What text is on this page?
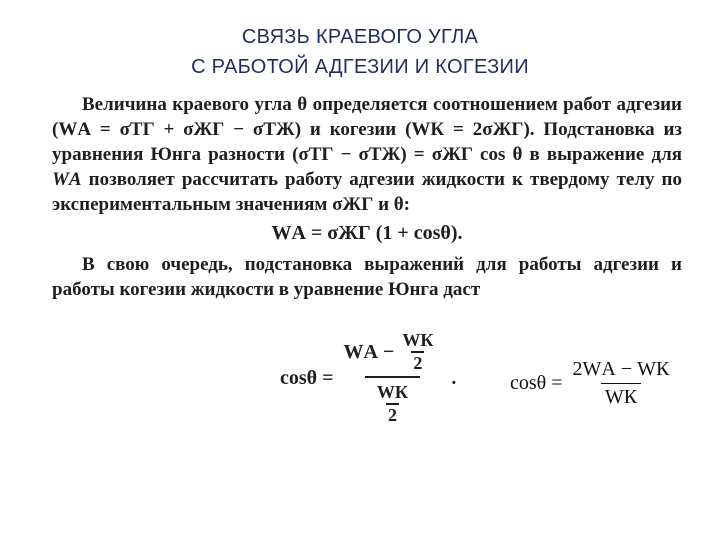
СВЯЗЬ КРАЕВОГО УГЛА
С РАБОТОЙ АДГЕЗИИ И КОГЕЗИИ
Величина краевого угла θ определяется соотношением работ адгезии (WА = σТГ + σЖГ − σТЖ) и когезии (WК = 2σЖГ). Подстановка из уравнения Юнга разности (σТГ − σТЖ) = σЖГ cos θ в выражение для WА позволяет рассчитать работу адгезии жидкости к твердому телу по экспериментальным значениям σЖГ и θ:
WА = σЖГ (1 + cosθ).
В свою очередь, подстановка выражений для работы адгезии и работы когезии жидкости в уравнение Юнга даст
$\cos\theta = \frac{WА - \frac{WК}{2}}{\frac{WК}{2}}$ .	$\cos\theta = \frac{2WА - WК}{WК}$
